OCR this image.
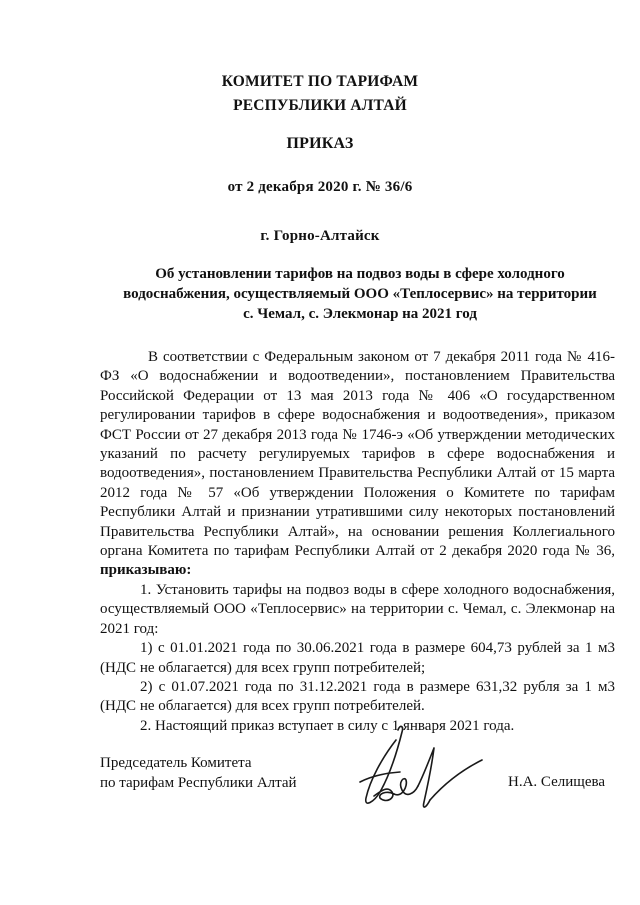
КОМИТЕТ ПО ТАРИФАМ
РЕСПУБЛИКИ АЛТАЙ
ПРИКАЗ
от 2 декабря 2020 г. № 36/6
г. Горно-Алтайск
Об установлении тарифов на подвоз воды в сфере холодного
водоснабжения, осуществляемый ООО «Теплосервис» на территории
с. Чемал, с. Элекмонар на 2021 год

В соответствии с Федеральным законом от 7 декабря 2011 года № 416-ФЗ «О водоснабжении и водоотведении», постановлением Правительства Российской Федерации от 13 мая 2013 года № 406 «О государственном регулировании тарифов в сфере водоснабжения и водоотведения», приказом ФСТ России от 27 декабря 2013 года № 1746-э «Об утверждении методических указаний по расчету регулируемых тарифов в сфере водоснабжения и водоотведения», постановлением Правительства Республики Алтай от 15 марта 2012 года № 57 «Об утверждении Положения о Комитете по тарифам Республики Алтай и признании утратившими силу некоторых постановлений Правительства Республики Алтай», на основании решения Коллегиального органа Комитета по тарифам Республики Алтай от 2 декабря 2020 года № 36, приказываю:

1. Установить тарифы на подвоз воды в сфере холодного водоснабжения, осуществляемый ООО «Теплосервис» на территории с. Чемал, с. Элекмонар на 2021 год:

1) с 01.01.2021 года по 30.06.2021 года в размере 604,73 рублей за 1 м3 (НДС не облагается) для всех групп потребителей;

2) с 01.07.2021 года по 31.12.2021 года в размере 631,32 рубля за 1 м3 (НДС не облагается) для всех групп потребителей.

2. Настоящий приказ вступает в силу с 1 января 2021 года.

Председатель Комитета
по тарифам Республики Алтай	Н.А. Селищева
